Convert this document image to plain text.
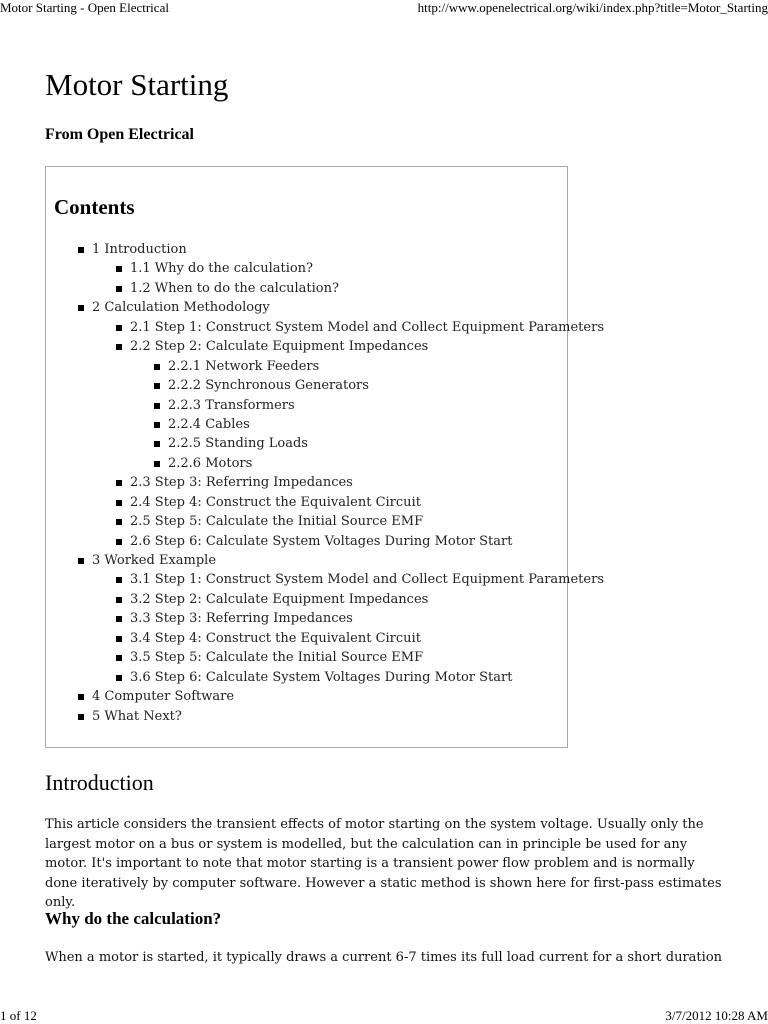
Motor Starting - Open Electrical	http://www.openelectrical.org/wiki/index.php?title=Motor_Starting
Motor Starting
From Open Electrical
Contents
1 Introduction
1.1 Why do the calculation?
1.2 When to do the calculation?
2 Calculation Methodology
2.1 Step 1: Construct System Model and Collect Equipment Parameters
2.2 Step 2: Calculate Equipment Impedances
2.2.1 Network Feeders
2.2.2 Synchronous Generators
2.2.3 Transformers
2.2.4 Cables
2.2.5 Standing Loads
2.2.6 Motors
2.3 Step 3: Referring Impedances
2.4 Step 4: Construct the Equivalent Circuit
2.5 Step 5: Calculate the Initial Source EMF
2.6 Step 6: Calculate System Voltages During Motor Start
3 Worked Example
3.1 Step 1: Construct System Model and Collect Equipment Parameters
3.2 Step 2: Calculate Equipment Impedances
3.3 Step 3: Referring Impedances
3.4 Step 4: Construct the Equivalent Circuit
3.5 Step 5: Calculate the Initial Source EMF
3.6 Step 6: Calculate System Voltages During Motor Start
4 Computer Software
5 What Next?
Introduction

This article considers the transient effects of motor starting on the system voltage. Usually only the largest motor on a bus or system is modelled, but the calculation can in principle be used for any motor. It's important to note that motor starting is a transient power flow problem and is normally done iteratively by computer software. However a static method is shown here for first-pass estimates only.

Why do the calculation?

When a motor is started, it typically draws a current 6-7 times its full load current for a short duration

1 of 12	3/7/2012 10:28 AM
